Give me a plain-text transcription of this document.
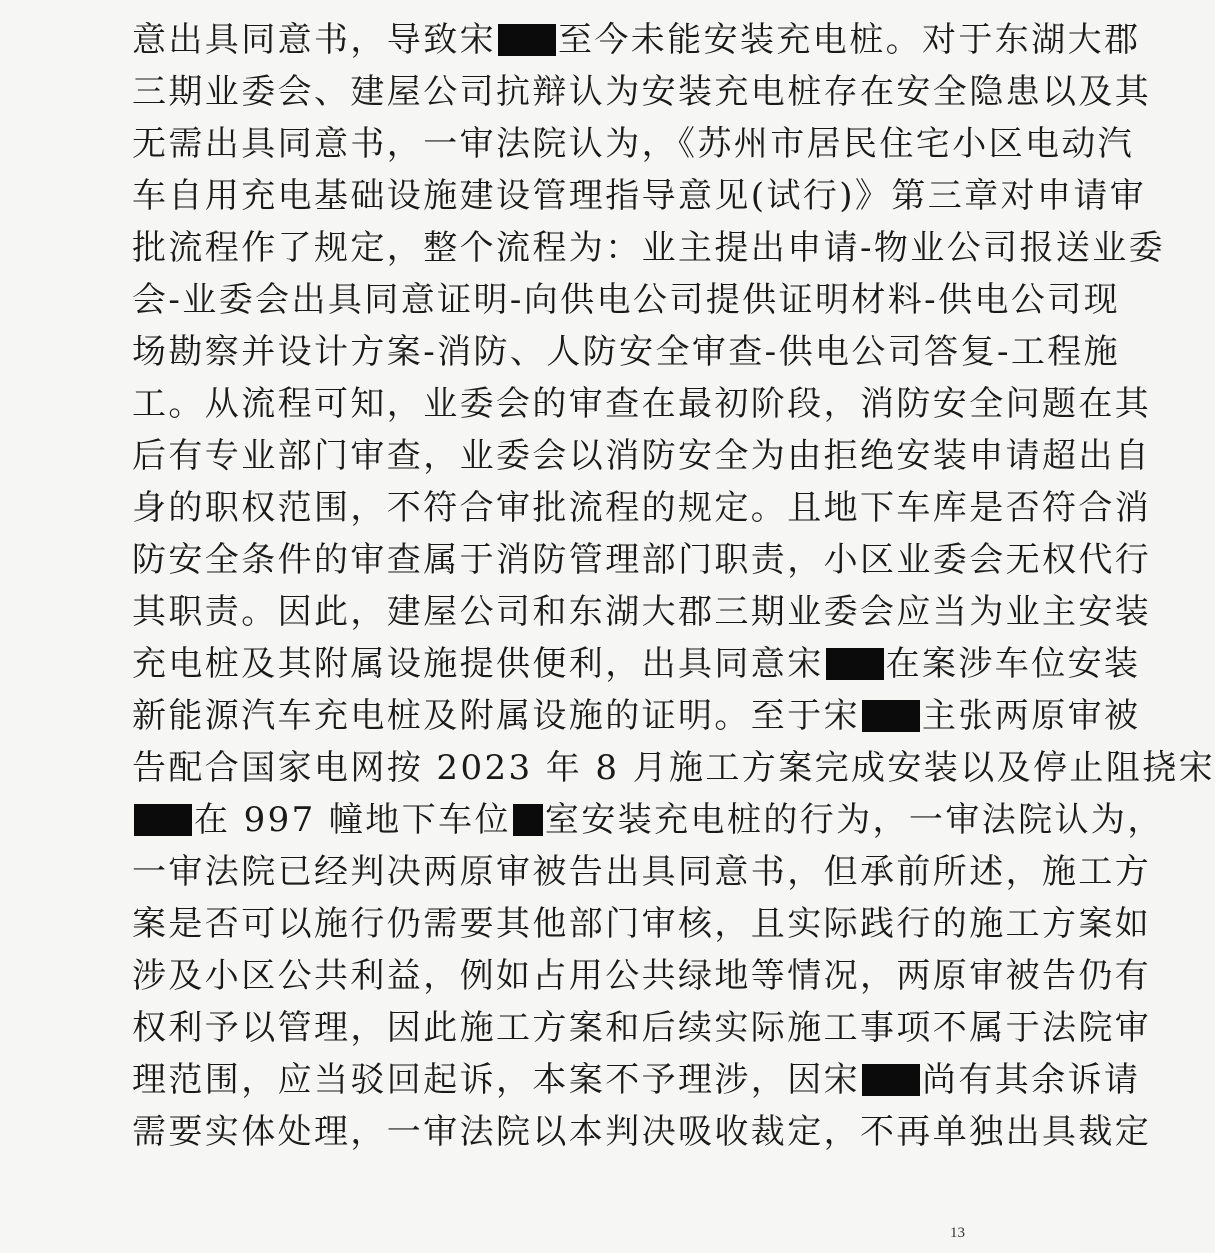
意出具同意书，导致宋 至今未能安装充电桩。对于东湖大郡
三期业委会、建屋公司抗辩认为安装充电桩存在安全隐患以及其
无需出具同意书，一审法院认为，《苏州市居民住宅小区电动汽
车自用充电基础设施建设管理指导意见(试行)》第三章对申请审
批流程作了规定，整个流程为：业主提出申请-物业公司报送业委
会-业委会出具同意证明-向供电公司提供证明材料-供电公司现
场勘察并设计方案-消防、人防安全审查-供电公司答复-工程施
工。从流程可知，业委会的审查在最初阶段，消防安全问题在其
后有专业部门审查，业委会以消防安全为由拒绝安装申请超出自
身的职权范围，不符合审批流程的规定。且地下车库是否符合消
防安全条件的审查属于消防管理部门职责，小区业委会无权代行
其职责。因此，建屋公司和东湖大郡三期业委会应当为业主安装
充电桩及其附属设施提供便利，出具同意宋 在案涉车位安装
新能源汽车充电桩及附属设施的证明。至于宋 主张两原审被
告配合国家电网按 2023 年 8 月施工方案完成安装以及停止阻挠宋
在 997 幢地下车位 室安装充电桩的行为，一审法院认为，
一审法院已经判决两原审被告出具同意书，但承前所述，施工方
案是否可以施行仍需要其他部门审核，且实际践行的施工方案如
涉及小区公共利益，例如占用公共绿地等情况，两原审被告仍有
权利予以管理，因此施工方案和后续实际施工事项不属于法院审
理范围，应当驳回起诉，本案不予理涉，因宋 尚有其余诉请
需要实体处理，一审法院以本判决吸收裁定，不再单独出具裁定
13
